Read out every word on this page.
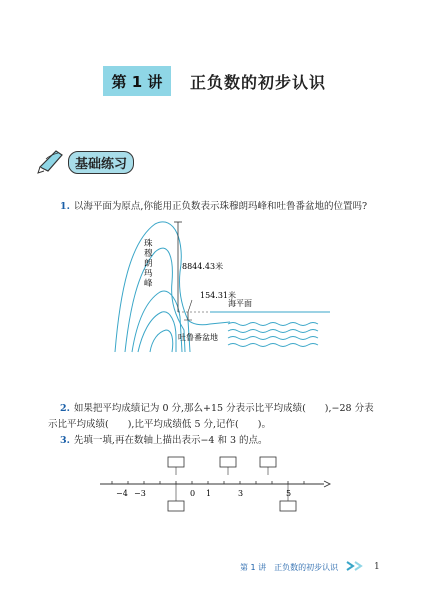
第 1 讲 正负数的初步认识
基础练习
1. 以海平面为原点,你能用正负数表示珠穆朗玛峰和吐鲁番盆地的位置吗?
珠
穆
朗
玛
峰
8844.43米
154.31米
海平面
吐鲁番盆地
2. 如果把平均成绩记为 0 分,那么+15 分表示比平均成绩(　　),−28 分表
示比平均成绩(　　),比平均成绩低 5 分,记作(　　)。
3. 先填一填,再在数轴上描出表示−4 和 3 的点。
−4 −3	0 1	3	5
第 1 讲　正负数的初步认识	1
